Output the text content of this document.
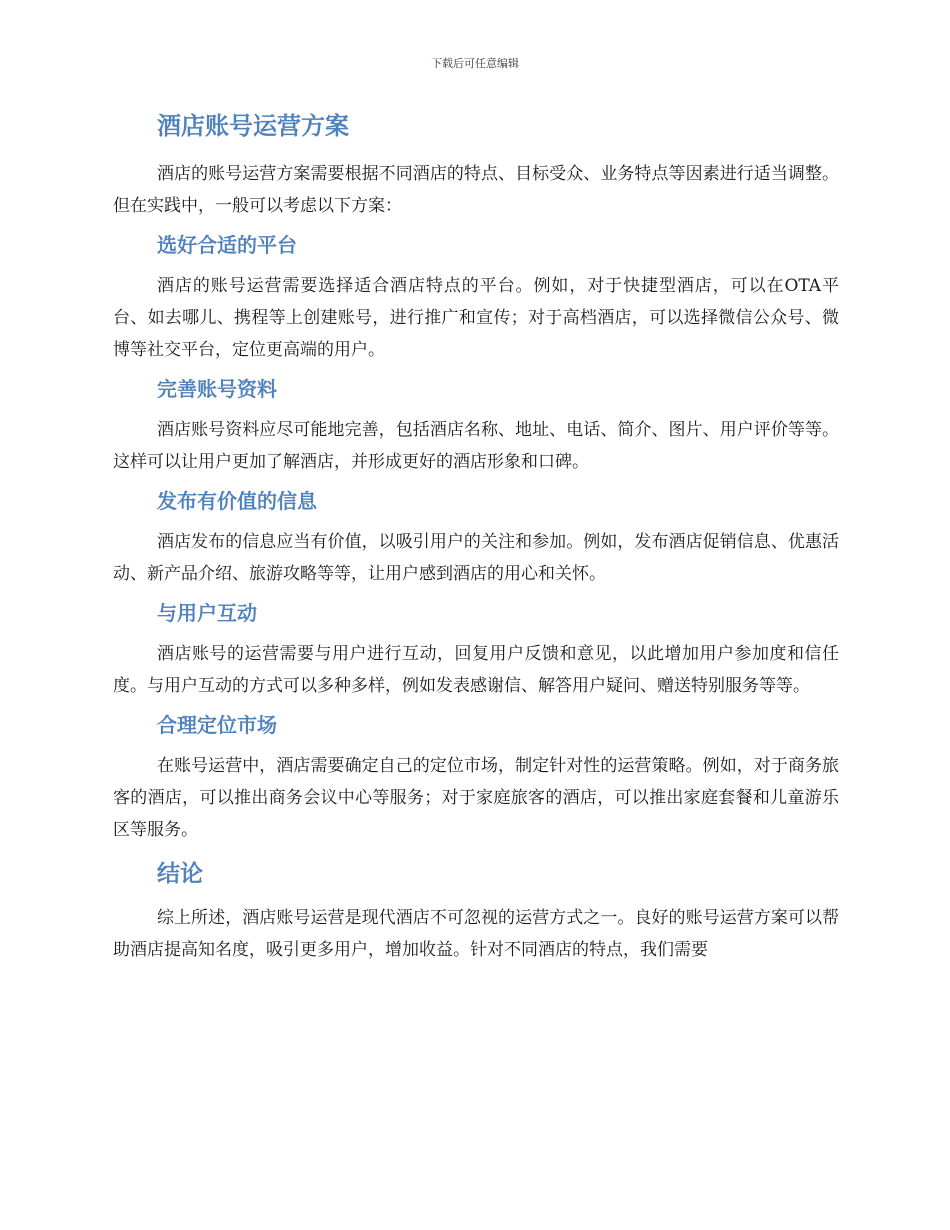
下载后可任意编辑
酒店账号运营方案

酒店的账号运营方案需要根据不同酒店的特点、目标受众、业务特点等因素进行适当调整。但在实践中，一般可以考虑以下方案：

选好合适的平台

酒店的账号运营需要选择适合酒店特点的平台。例如，对于快捷型酒店，可以在OTA平台、如去哪儿、携程等上创建账号，进行推广和宣传；对于高档酒店，可以选择微信公众号、微博等社交平台，定位更高端的用户。

完善账号资料

酒店账号资料应尽可能地完善，包括酒店名称、地址、电话、简介、图片、用户评价等等。这样可以让用户更加了解酒店，并形成更好的酒店形象和口碑。

发布有价值的信息

酒店发布的信息应当有价值，以吸引用户的关注和参加。例如，发布酒店促销信息、优惠活动、新产品介绍、旅游攻略等等，让用户感到酒店的用心和关怀。

与用户互动

酒店账号的运营需要与用户进行互动，回复用户反馈和意见，以此增加用户参加度和信任度。与用户互动的方式可以多种多样，例如发表感谢信、解答用户疑问、赠送特别服务等等。

合理定位市场

在账号运营中，酒店需要确定自己的定位市场，制定针对性的运营策略。例如，对于商务旅客的酒店，可以推出商务会议中心等服务；对于家庭旅客的酒店，可以推出家庭套餐和儿童游乐区等服务。

结论

综上所述，酒店账号运营是现代酒店不可忽视的运营方式之一。良好的账号运营方案可以帮助酒店提高知名度，吸引更多用户，增加收益。针对不同酒店的特点，我们需要
